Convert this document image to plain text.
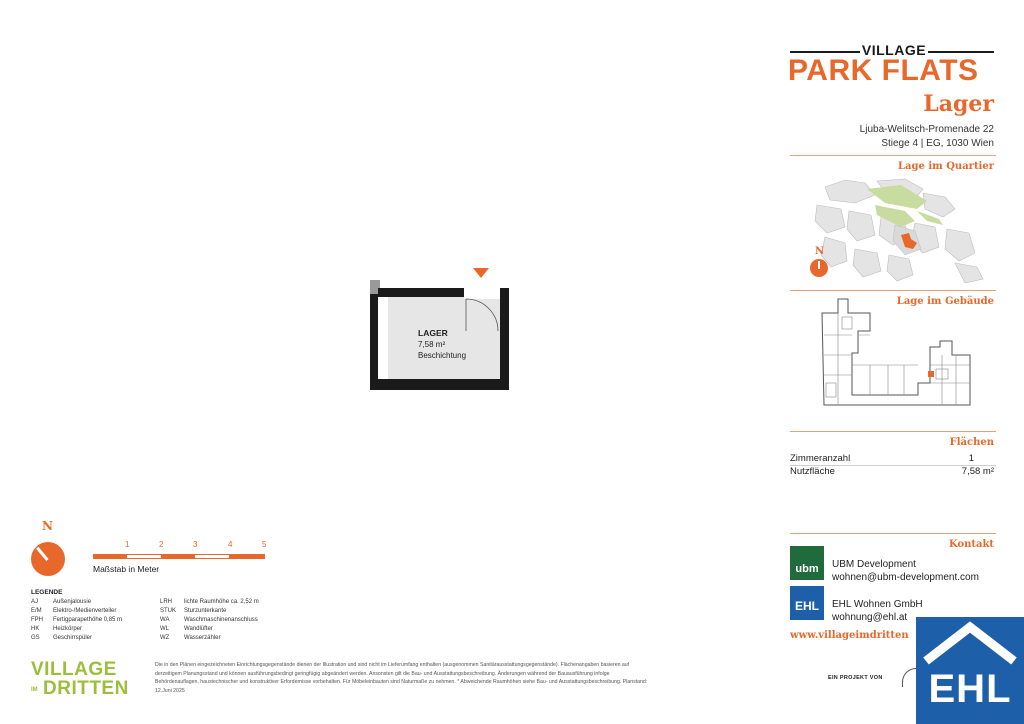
VILLAGE
PARK FLATS
Lager
Ljuba-Welitsch-Promenade 22
Stiege 4 | EG, 1030 Wien
Lage im Quartier
N
Lage im Gebäude
Flächen
Zimmeranzahl	1
Nutzfläche	7,58 m²
Kontakt
ubm	UBM Development
wohnen@ubm-development.com
EHL	EHL Wohnen GmbH
wohnung@ehl.at
www.villageimdritten
LAGER
7,58 m²
Beschichtung
N
1	2	3	4	5
Maßstab in Meter
LEGENDE
AJ Außenjalousie
E/M Elektro-/Medienverteiler
FPH Fertigparapethöhe 0,85 m
HK Heizkörper
GS Geschirrspüler
LRH lichte Raumhöhe ca. 2,52 m
STUK Sturzunterkante
WA Waschmaschinenanschluss
WL	Wandlüfter
WZ Wasserzähler
VILLAGE
IM DRITTEN
Die in den Plänen eingezeichneten Einrichtungsgegenstände dienen der Illustration und sind nicht im Lieferumfang enthalten (ausgenommen Sanitärausstattungsgegenstände). Flächenangaben basieren auf derzeitigem Planungsstand und können ausführungsbedingt geringfügig abgeändert werden. Ansonsten gilt die Bau- und Ausstattungsbeschreibung. Änderungen während der Bauausführung infolge Behördenauflagen, haustechnischer und konstruktiver Erfordernisse vorbehalten. Für Möbeleinbauten sind Naturmaße zu nehmen. * Abweichende Raumhöhen siehe Bau- und Ausstattungsbeschreibung. Planstand: 12.Juni 2025
EIN PROJEKT VON	EHL
